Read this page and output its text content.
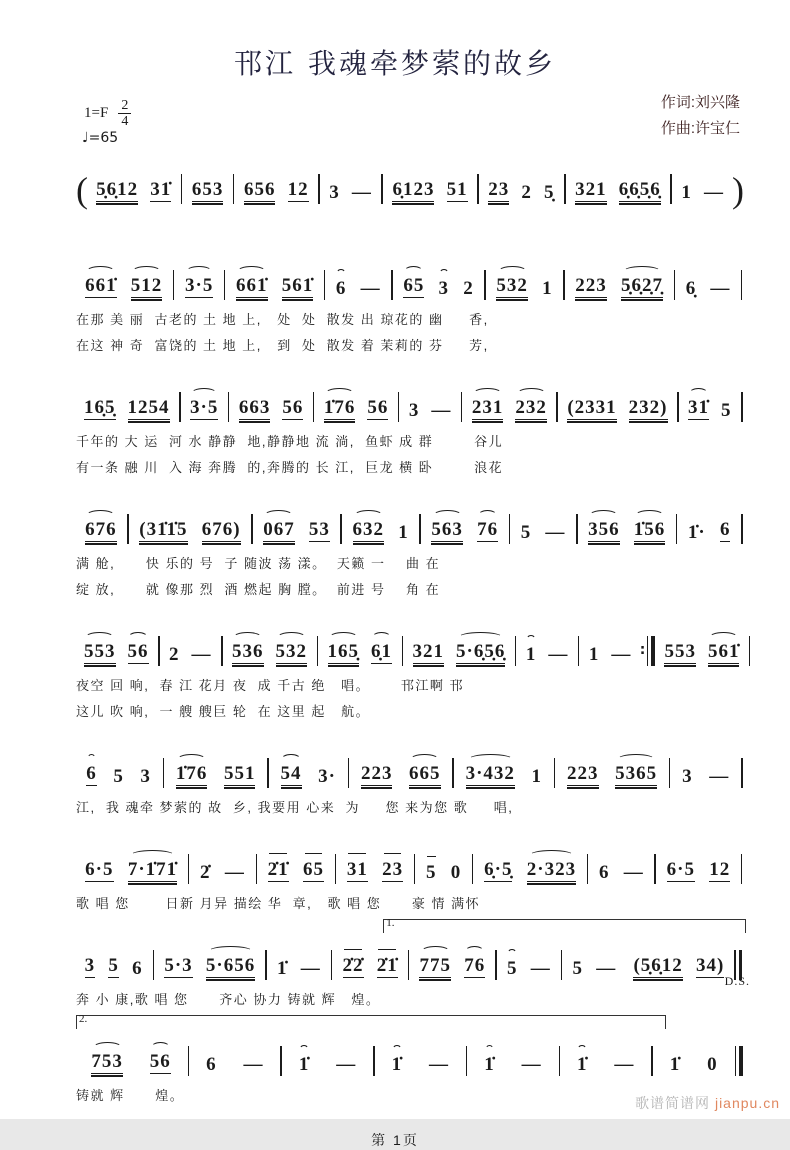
邗江 我魂牵梦萦的故乡
$1=F \frac{2}{4}$
♩=65
作词:刘兴隆
作曲:许宝仁
( 5̣6̣12 31̇ 653 656 12 3 — 6̣123 51 23 2 5̣ 321 6̣6̣5̣6̣ 1 — )
661̇ 512 3·5 661̇ 561̇ 6 — 65 3 2 532 1 223 5̣6̣2̣7̣ 6̣ —
在那 美 丽  古老的 土 地 上,   处  处  散发 出 琼花的 幽     香,
在这 神 奇  富饶的 土 地 上,   到  处  散发 着 茉莉的 芬     芳,
16̣5̣ 1254 3·5 663 56 1̇76 56 3 — 231 232 (2331 232) 31̇ 5
千年的 大 运  河 水 静静  地,静静地 流 淌,  鱼虾 成 群        谷儿
有一条 融 川  入 海 奔腾  的,奔腾的 长 江,  巨龙 横 卧        浪花
676 (31̇1̇5 676) 067 53 632 1 563 76 5 — 356 1̇56 1̇· 6
满 舱,      快 乐的 号  子 随波 荡 漾。  天籁 一    曲 在
绽 放,      就 像那 烈  酒 燃起 胸 膛。  前进 号    角 在
553 56 2 — 536 532 165̣ 6̣1 321 5·6̣5̣6̣ 1 — 1 — ∶ 553 561̇
夜空 回 响,  春 江 花月 夜  成 千古 绝   唱。      邗江啊 邗
这儿 吹 响,  一 艘 艘巨 轮  在 这里 起   航。
6 5 3 1̇76 551 54 3· 223 665 3·432 1 223 5365 3 —
江,  我 魂牵 梦萦的 故  乡, 我要用 心来  为     您 来为您 歌     唱,
6·5 7·1̇71̇ 2̇ — 2̇1̇ 65 31 23 5 0 6̣·5̣ 2·323 6 — 6·5 12
歌 唱 您       日新 月异 描绘 华  章,   歌 唱 您      豪 情 满怀
1.
3 5 6 5·3 5·656 1̇ — 2̇2̇ 2̇1̇ 775 76 5 — 5 — (5̣6̣12 34)
D.S.
奔 小 康,歌 唱 您      齐心 协力 铸就 辉   煌。
2.
753 56 6 — 1̇ — 1̇ — 1̇ — 1̇ — 1̇ 0
铸就 辉      煌。
第 1页
歌谱简谱网 jianpu.cn
